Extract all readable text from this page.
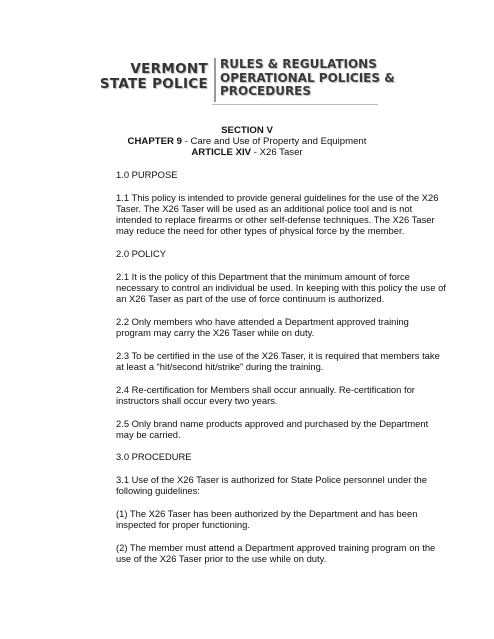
VERMONT
STATE POLICE
RULES & REGULATIONS
OPERATIONAL POLICIES &
PROCEDURES
SECTION V
CHAPTER 9 - Care and Use of Property and Equipment
ARTICLE XIV - X26 Taser

1.0 PURPOSE

1.1 This policy is intended to provide general guidelines for the use of the X26 Taser. The X26 Taser will be used as an additional police tool and is not intended to replace firearms or other self-defense techniques. The X26 Taser may reduce the need for other types of physical force by the member.

2.0 POLICY

2.1 It is the policy of this Department that the minimum amount of force necessary to control an individual be used. In keeping with this policy the use of an X26 Taser as part of the use of force continuum is authorized.

2.2 Only members who have attended a Department approved training program may carry the X26 Taser while on duty.

2.3 To be certified in the use of the X26 Taser, it is required that members take at least a “hit/second hit/strike” during the training.

2.4 Re-certification for Members shall occur annually. Re-certification for instructors shall occur every two years.

2.5 Only brand name products approved and purchased by the Department may be carried.

3.0 PROCEDURE

3.1 Use of the X26 Taser is authorized for State Police personnel under the following guidelines:

(1) The X26 Taser has been authorized by the Department and has been inspected for proper functioning.

(2) The member must attend a Department approved training program on the use of the X26 Taser prior to the use while on duty.
